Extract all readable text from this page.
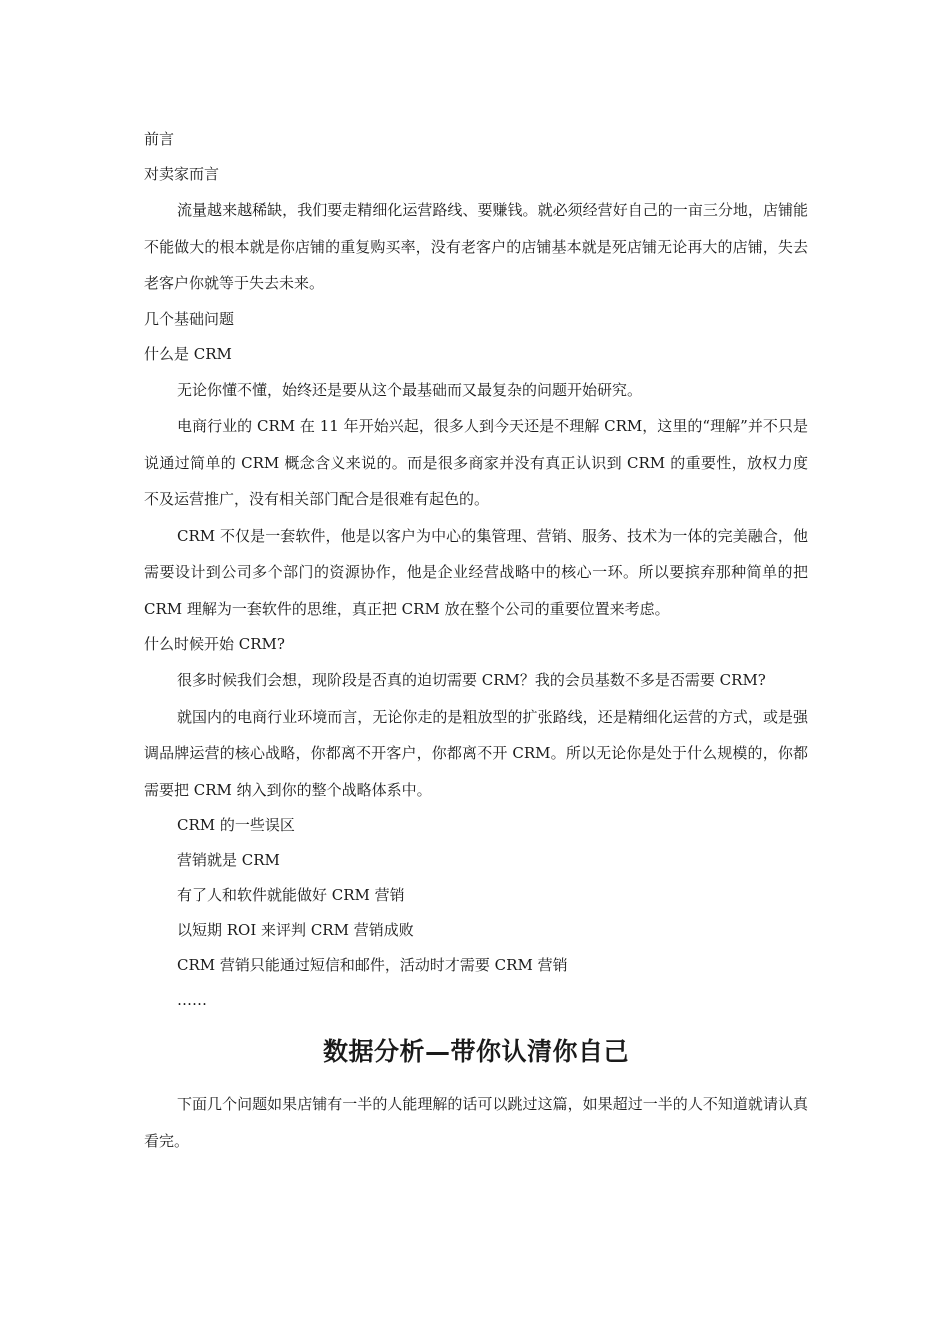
前言

对卖家而言

流量越来越稀缺，我们要走精细化运营路线、要赚钱。就必须经营好自己的一亩三分地，店铺能不能做大的根本就是你店铺的重复购买率，没有老客户的店铺基本就是死店铺无论再大的店铺，失去老客户你就等于失去未来。

几个基础问题

什么是 CRM

无论你懂不懂，始终还是要从这个最基础而又最复杂的问题开始研究。

电商行业的 CRM 在 11 年开始兴起，很多人到今天还是不理解 CRM，这里的“理解”并不只是说通过简单的 CRM 概念含义来说的。而是很多商家并没有真正认识到 CRM 的重要性，放权力度不及运营推广，没有相关部门配合是很难有起色的。

CRM 不仅是一套软件，他是以客户为中心的集管理、营销、服务、技术为一体的完美融合，他需要设计到公司多个部门的资源协作，他是企业经营战略中的核心一环。所以要摈弃那种简单的把 CRM 理解为一套软件的思维，真正把 CRM 放在整个公司的重要位置来考虑。

什么时候开始 CRM?

很多时候我们会想，现阶段是否真的迫切需要 CRM？我的会员基数不多是否需要 CRM?

就国内的电商行业环境而言，无论你走的是粗放型的扩张路线，还是精细化运营的方式，或是强调品牌运营的核心战略，你都离不开客户，你都离不开 CRM。所以无论你是处于什么规模的，你都需要把 CRM 纳入到你的整个战略体系中。

CRM 的一些误区

营销就是 CRM

有了人和软件就能做好 CRM 营销

以短期 ROI 来评判 CRM 营销成败

CRM 营销只能通过短信和邮件，活动时才需要 CRM 营销

……

数据分析—带你认清你自己

下面几个问题如果店铺有一半的人能理解的话可以跳过这篇，如果超过一半的人不知道就请认真看完。
